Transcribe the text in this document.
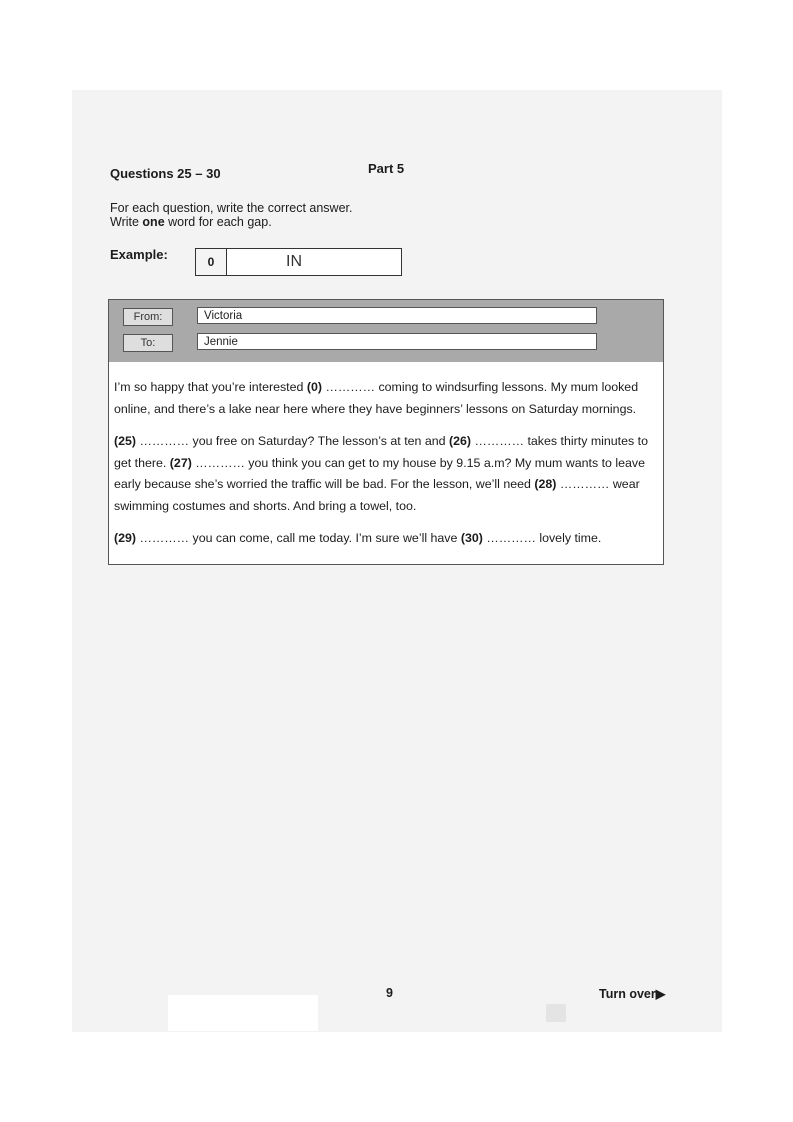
Questions 25 – 30	Part 5
For each question, write the correct answer.
Write one word for each gap.
Example:	0	IN
From:	Victoria
To:	Jennie

I’m so happy that you’re interested (0) ………… coming to windsurfing lessons. My mum looked online, and there’s a lake near here where they have beginners’ lessons on Saturday mornings.

(25) ………… you free on Saturday? The lesson’s at ten and (26) ………… takes thirty minutes to get there. (27) ………… you think you can get to my house by 9.15 a.m? My mum wants to leave early because she’s worried the traffic will be bad. For the lesson, we’ll need (28) ………… wear swimming costumes and shorts. And bring a towel, too.

(29) ………… you can come, call me today. I’m sure we’ll have (30) ………… lovely time.

9	Turn over▶
